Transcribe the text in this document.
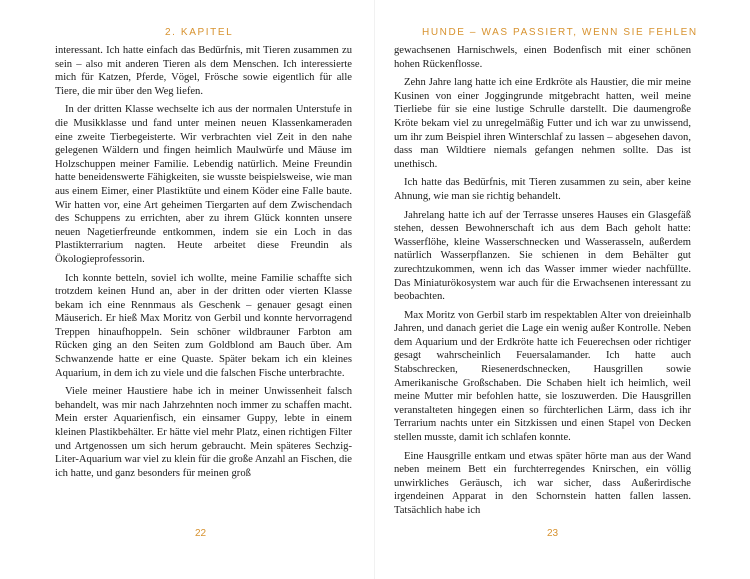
2. KAPITEL

interessant. Ich hatte einfach das Bedürfnis, mit Tieren zusammen zu sein – also mit anderen Tieren als dem Menschen. Ich interessierte mich für Katzen, Pferde, Vögel, Frösche sowie eigentlich für alle Tiere, die mir über den Weg liefen.

In der dritten Klasse wechselte ich aus der normalen Unterstufe in die Musikklasse und fand unter meinen neuen Klassenkameraden eine zweite Tierbegeisterte. Wir verbrachten viel Zeit in den nahe gelegenen Wäldern und fingen heimlich Maulwürfe und Mäuse im Holzschuppen meiner Familie. Lebendig natürlich. Meine Freundin hatte beneidenswerte Fähigkeiten, sie wusste beispielsweise, wie man aus einem Eimer, einer Plastiktüte und einem Köder eine Falle baute. Wir hatten vor, eine Art geheimen Tiergarten auf dem Zwischendach des Schuppens zu errichten, aber zu ihrem Glück konnten unsere neuen Nagetierfreunde entkommen, indem sie ein Loch in das Plastikterrarium nagten. Heute arbeitet diese Freundin als Ökologieprofessorin.

Ich konnte betteln, soviel ich wollte, meine Familie schaffte sich trotzdem keinen Hund an, aber in der dritten oder vierten Klasse bekam ich eine Rennmaus als Geschenk – genauer gesagt einen Mäuserich. Er hieß Max Moritz von Gerbil und konnte hervorragend Treppen hinaufhoppeln. Sein schöner wildbrauner Farbton am Rücken ging an den Seiten zum Goldblond am Bauch über. Am Schwanzende hatte er eine Quaste. Später bekam ich ein kleines Aquarium, in dem ich zu viele und die falschen Fische unterbrachte.

Viele meiner Haustiere habe ich in meiner Unwissenheit falsch behandelt, was mir nach Jahrzehnten noch immer zu schaffen macht. Mein erster Aquarienfisch, ein einsamer Guppy, lebte in einem kleinen Plastikbehälter. Er hätte viel mehr Platz, einen richtigen Filter und Artgenossen um sich herum gebraucht. Mein späteres Sechzig-Liter-Aquarium war viel zu klein für die große Anzahl an Fischen, die ich hatte, und ganz besonders für meinen groß

22
HUNDE – WAS PASSIERT, WENN SIE FEHLEN

gewachsenen Harnischwels, einen Bodenfisch mit einer schönen hohen Rückenflosse.

Zehn Jahre lang hatte ich eine Erdkröte als Haustier, die mir meine Kusinen von einer Joggingrunde mitgebracht hatten, weil meine Tierliebe für sie eine lustige Schrulle darstellt. Die daumengroße Kröte bekam viel zu unregelmäßig Futter und ich war zu unwissend, um ihr zum Beispiel ihren Winterschlaf zu lassen – abgesehen davon, dass man Wildtiere niemals gefangen nehmen sollte. Das ist unethisch.

Ich hatte das Bedürfnis, mit Tieren zusammen zu sein, aber keine Ahnung, wie man sie richtig behandelt.

Jahrelang hatte ich auf der Terrasse unseres Hauses ein Glasgefäß stehen, dessen Bewohnerschaft ich aus dem Bach geholt hatte: Wasserflöhe, kleine Wasserschnecken und Wasserasseln, außerdem natürlich Wasserpflanzen. Sie schienen in dem Behälter gut zurechtzukommen, wenn ich das Wasser immer wieder nachfüllte. Das Miniaturökosystem war auch für die Erwachsenen interessant zu beobachten.

Max Moritz von Gerbil starb im respektablen Alter von dreieinhalb Jahren, und danach geriet die Lage ein wenig außer Kontrolle. Neben dem Aquarium und der Erdkröte hatte ich Feuerechsen oder richtiger gesagt wahrscheinlich Feuersalamander. Ich hatte auch Stabschrecken, Riesenerdschnecken, Hausgrillen sowie Amerikanische Großschaben. Die Schaben hielt ich heimlich, weil meine Mutter mir befohlen hatte, sie loszuwerden. Die Hausgrillen veranstalteten hingegen einen so fürchterlichen Lärm, dass ich ihr Terrarium nachts unter ein Sitzkissen und einen Stapel von Decken stellen musste, damit ich schlafen konnte.

Eine Hausgrille entkam und etwas später hörte man aus der Wand neben meinem Bett ein furchterregendes Knirschen, ein völlig unwirkliches Geräusch, ich war sicher, dass Außerirdische irgendeinen Apparat in den Schornstein hatten fallen lassen. Tatsächlich habe ich

23
